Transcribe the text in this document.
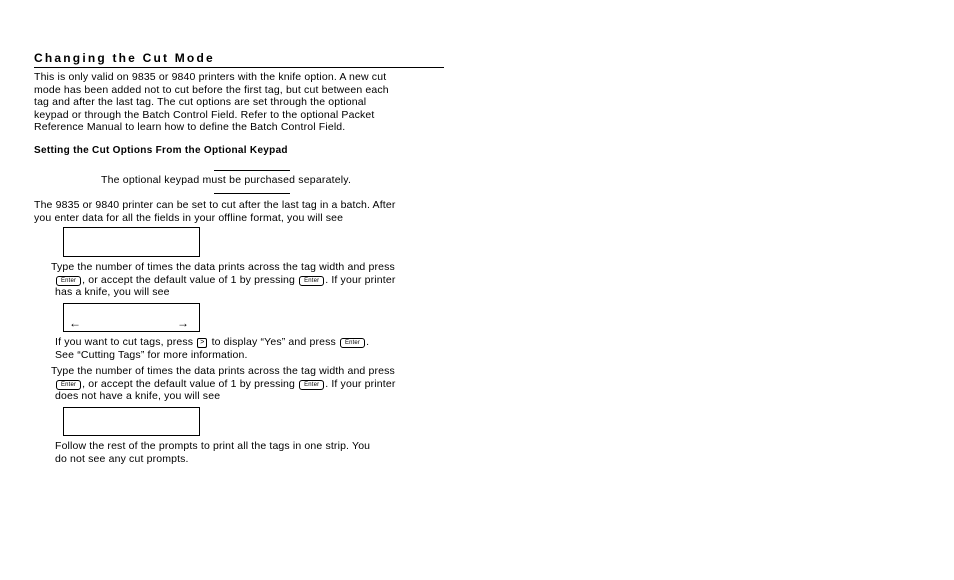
Changing the Cut Mode
This is only valid on 9835 or 9840 printers with the knife option. A new cut
mode has been added not to cut before the first tag, but cut between each
tag and after the last tag. The cut options are set through the optional
keypad or through the Batch Control Field. Refer to the optional Packet
Reference Manual to learn how to define the Batch Control Field.
Setting the Cut Options From the Optional Keypad
The optional keypad must be purchased separately.
The 9835 or 9840 printer can be set to cut after the last tag in a batch. After
you enter data for all the fields in your offline format, you will see
Type the number of times the data prints across the tag width and press
Enter , or accept the default value of 1 by pressing Enter . If your printer
has a knife, you will see
←	→
If you want to cut tags, press > to display “Yes” and press Enter .
See “Cutting Tags” for more information.
Type the number of times the data prints across the tag width and press
Enter , or accept the default value of 1 by pressing Enter . If your printer
does not have a knife, you will see
Follow the rest of the prompts to print all the tags in one strip. You
do not see any cut prompts.
